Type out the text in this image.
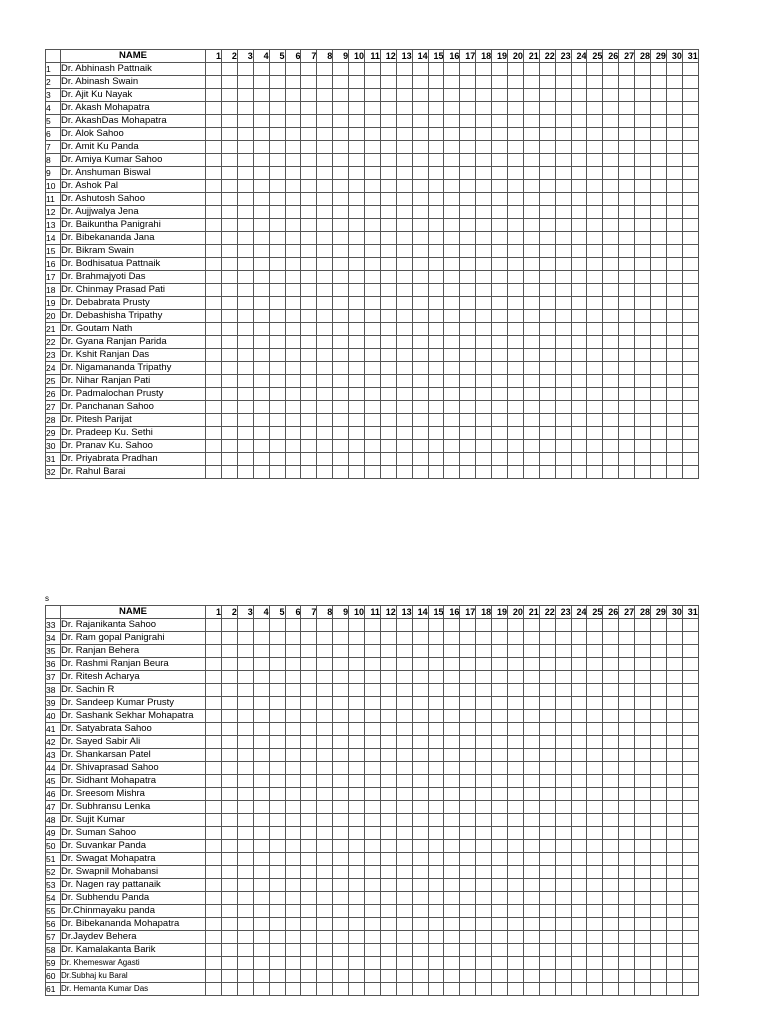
	NAME	1	2	3	4	5	6	7	8	9	10	11	12	13	14	15	16	17	18	19	20	21	22	23	24	25	26	27	28	29	30	31
1	Dr. Abhinash Pattnaik																															
2	Dr. Abinash Swain																															
3	Dr. Ajit Ku Nayak																															
4	Dr. Akash Mohapatra																															
5	Dr. AkashDas Mohapatra																															
6	Dr. Alok Sahoo																															
7	Dr. Amit Ku Panda																															
8	Dr. Amiya Kumar Sahoo																															
9	Dr. Anshuman Biswal																															
10	Dr. Ashok Pal																															
11	Dr. Ashutosh Sahoo																															
12	Dr. Aujjwalya Jena																															
13	Dr. Baikuntha Panigrahi																															
14	Dr. Bibekananda Jana																															
15	Dr. Bikram Swain																															
16	Dr. Bodhisatua Pattnaik																															
17	Dr. Brahmajyoti Das																															
18	Dr. Chinmay Prasad Pati																															
19	Dr. Debabrata Prusty																															
20	Dr. Debashisha Tripathy																															
21	Dr. Goutam Nath																															
22	Dr. Gyana Ranjan Parida																															
23	Dr. Kshit Ranjan Das																															
24	Dr. Nigamananda Tripathy																															
25	Dr. Nihar Ranjan Pati																															
26	Dr. Padmalochan Prusty																															
27	Dr. Panchanan Sahoo																															
28	Dr. Pitesh Parijat																															
29	Dr. Pradeep Ku. Sethi																															
30	Dr. Pranav Ku. Sahoo																															
31	Dr. Priyabrata Pradhan																															
32	Dr. Rahul Barai																															
s
	NAME	1	2	3	4	5	6	7	8	9	10	11	12	13	14	15	16	17	18	19	20	21	22	23	24	25	26	27	28	29	30	31
33	Dr. Rajanikanta Sahoo																															
34	Dr. Ram gopal Panigrahi																															
35	Dr. Ranjan Behera																															
36	Dr. Rashmi Ranjan Beura																															
37	Dr. Ritesh Acharya																															
38	Dr. Sachin R																															
39	Dr. Sandeep Kumar Prusty																															
40	Dr. Sashank Sekhar Mohapatra																															
41	Dr. Satyabrata Sahoo																															
42	Dr. Sayed Sabir Ali																															
43	Dr. Shankarsan Patel																															
44	Dr. Shivaprasad Sahoo																															
45	Dr. Sidhant Mohapatra																															
46	Dr. Sreesom Mishra																															
47	Dr. Subhransu Lenka																															
48	Dr. Sujit Kumar																															
49	Dr. Suman Sahoo																															
50	Dr. Suvankar Panda																															
51	Dr. Swagat Mohapatra																															
52	Dr. Swapnil Mohabansi																															
53	Dr. Nagen ray pattanaik																															
54	Dr. Subhendu Panda																															
55	Dr.Chinmayaku panda																															
56	Dr. Bibekananda Mohapatra																															
57	Dr.Jaydev Behera																															
58	Dr. Kamalakanta Barik																															
59	Dr. Khemeswar Agasti																															
60	Dr.Subhaj ku Baral																															
61	Dr. Hemanta Kumar Das																															
